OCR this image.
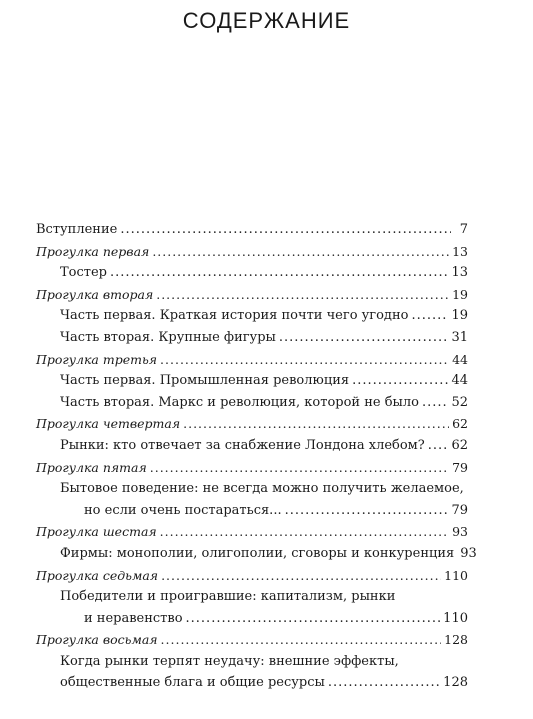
СОДЕРЖАНИЕ
Вступление .....	7
Прогулка первая .....	13
Тостер .....	13
Прогулка вторая .....	19
Часть первая. Краткая история почти чего угодно .....	19
Часть вторая. Крупные фигуры .....	31
Прогулка третья .....	44
Часть первая. Промышленная революция .....	44
Часть вторая. Маркс и революция, которой не было ..... 52
Прогулка четвертая .....	62
Рынки: кто отвечает за снабжение Лондона хлебом? ..... 62
Прогулка пятая .....	79
Бытовое поведение: не всегда можно получить желаемое,
но если очень постараться... .....	79
Прогулка шестая .....	93
Фирмы: монополии, олигополии, сговоры и конкуренция 93
Прогулка седьмая .....	110
Победители и проигравшие: капитализм, рынки
и неравенство .....	110
Прогулка восьмая .....	128
Когда рынки терпят неудачу: внешние эффекты,
общественные блага и общие ресурсы .....	128
